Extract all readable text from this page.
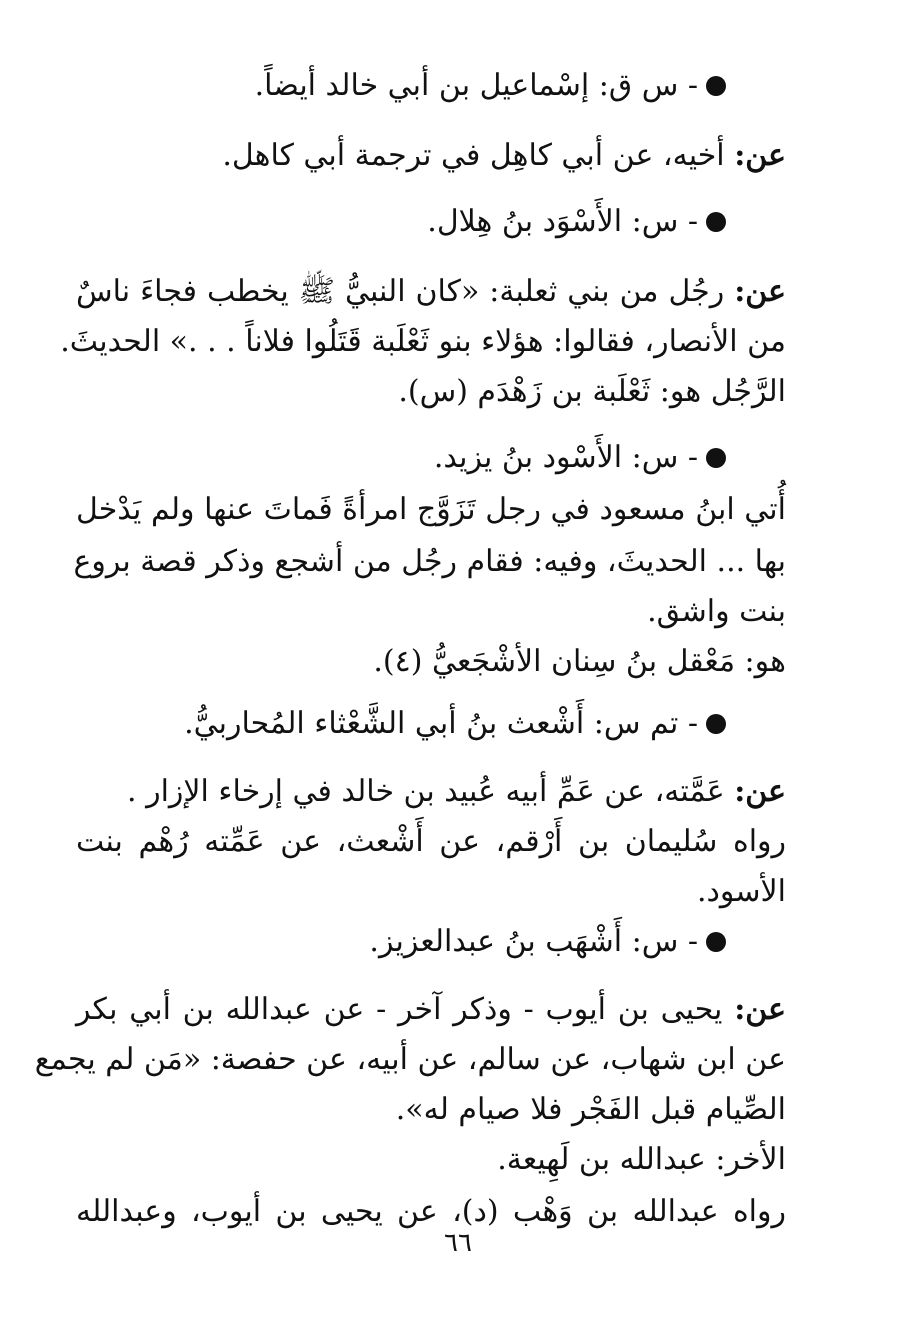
- س ق: إسْماعيل بن أبي خالد أيضاً.
عن: أخيه، عن أبي كاهِل في ترجمة أبي كاهل.
- س: الأَسْوَد بنُ هِلال.
عن: رجُل من بني ثعلبة: «كان النبيُّ ﷺ يخطب فجاءَ ناسٌ
من الأنصار، فقالوا: هؤلاء بنو ثَعْلَبة قَتَلُوا فلاناً . . .» الحديثَ.
الرَّجُل هو: ثَعْلَبة بن زَهْدَم (س).
- س: الأَسْود بنُ يزيد.
أُتي ابنُ مسعود في رجل تَزَوَّج امرأةً فَماتَ عنها ولم يَدْخل
بها ... الحديثَ، وفيه: فقام رجُل من أشجع وذكر قصة بروع
بنت واشق.
هو: مَعْقل بنُ سِنان الأشْجَعيُّ (٤).
- تم س: أَشْعث بنُ أبي الشَّعْثاء المُحاربيُّ.
عن: عَمَّته، عن عَمِّ أبيه عُبيد بن خالد في إرخاء الإزار .
رواه سُليمان بن أَرْقم، عن أَشْعث، عن عَمِّته رُهْم بنت
الأسود.
- س: أَشْهَب بنُ عبدالعزيز.
عن: يحيى بن أيوب - وذكر آخر - عن عبدالله بن أبي بكر
عن ابن شهاب، عن سالم، عن أبيه، عن حفصة: «مَن لم يجمع
الصِّيام قبل الفَجْر فلا صيام له».
الأخر: عبدالله بن لَهِيعة.
رواه عبدالله بن وَهْب (د)، عن يحيى بن أيوب، وعبدالله
٦٦
